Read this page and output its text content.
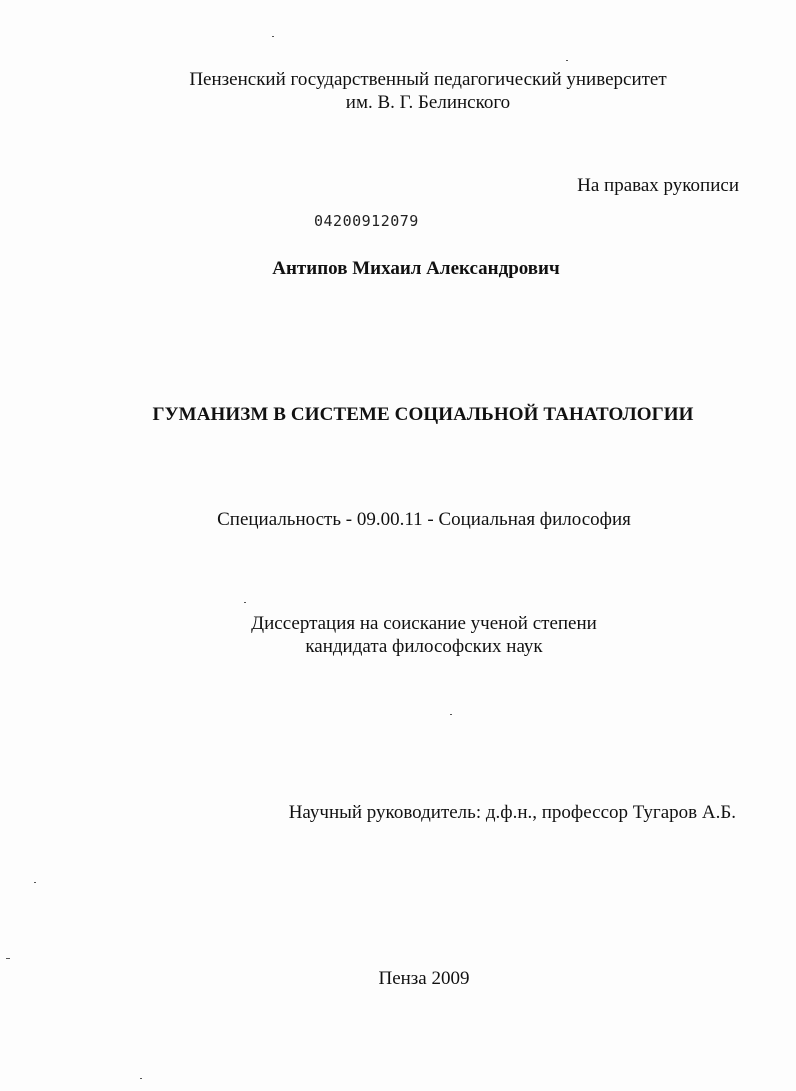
Пензенский государственный педагогический университет
им. В. Г. Белинского
На правах рукописи
04200912079
Антипов Михаил Александрович
ГУМАНИЗМ В СИСТЕМЕ СОЦИАЛЬНОЙ ТАНАТОЛОГИИ
Специальность - 09.00.11 - Социальная философия
Диссертация на соискание ученой степени
кандидата философских наук
Научный руководитель: д.ф.н., профессор Тугаров А.Б.
Пенза 2009
